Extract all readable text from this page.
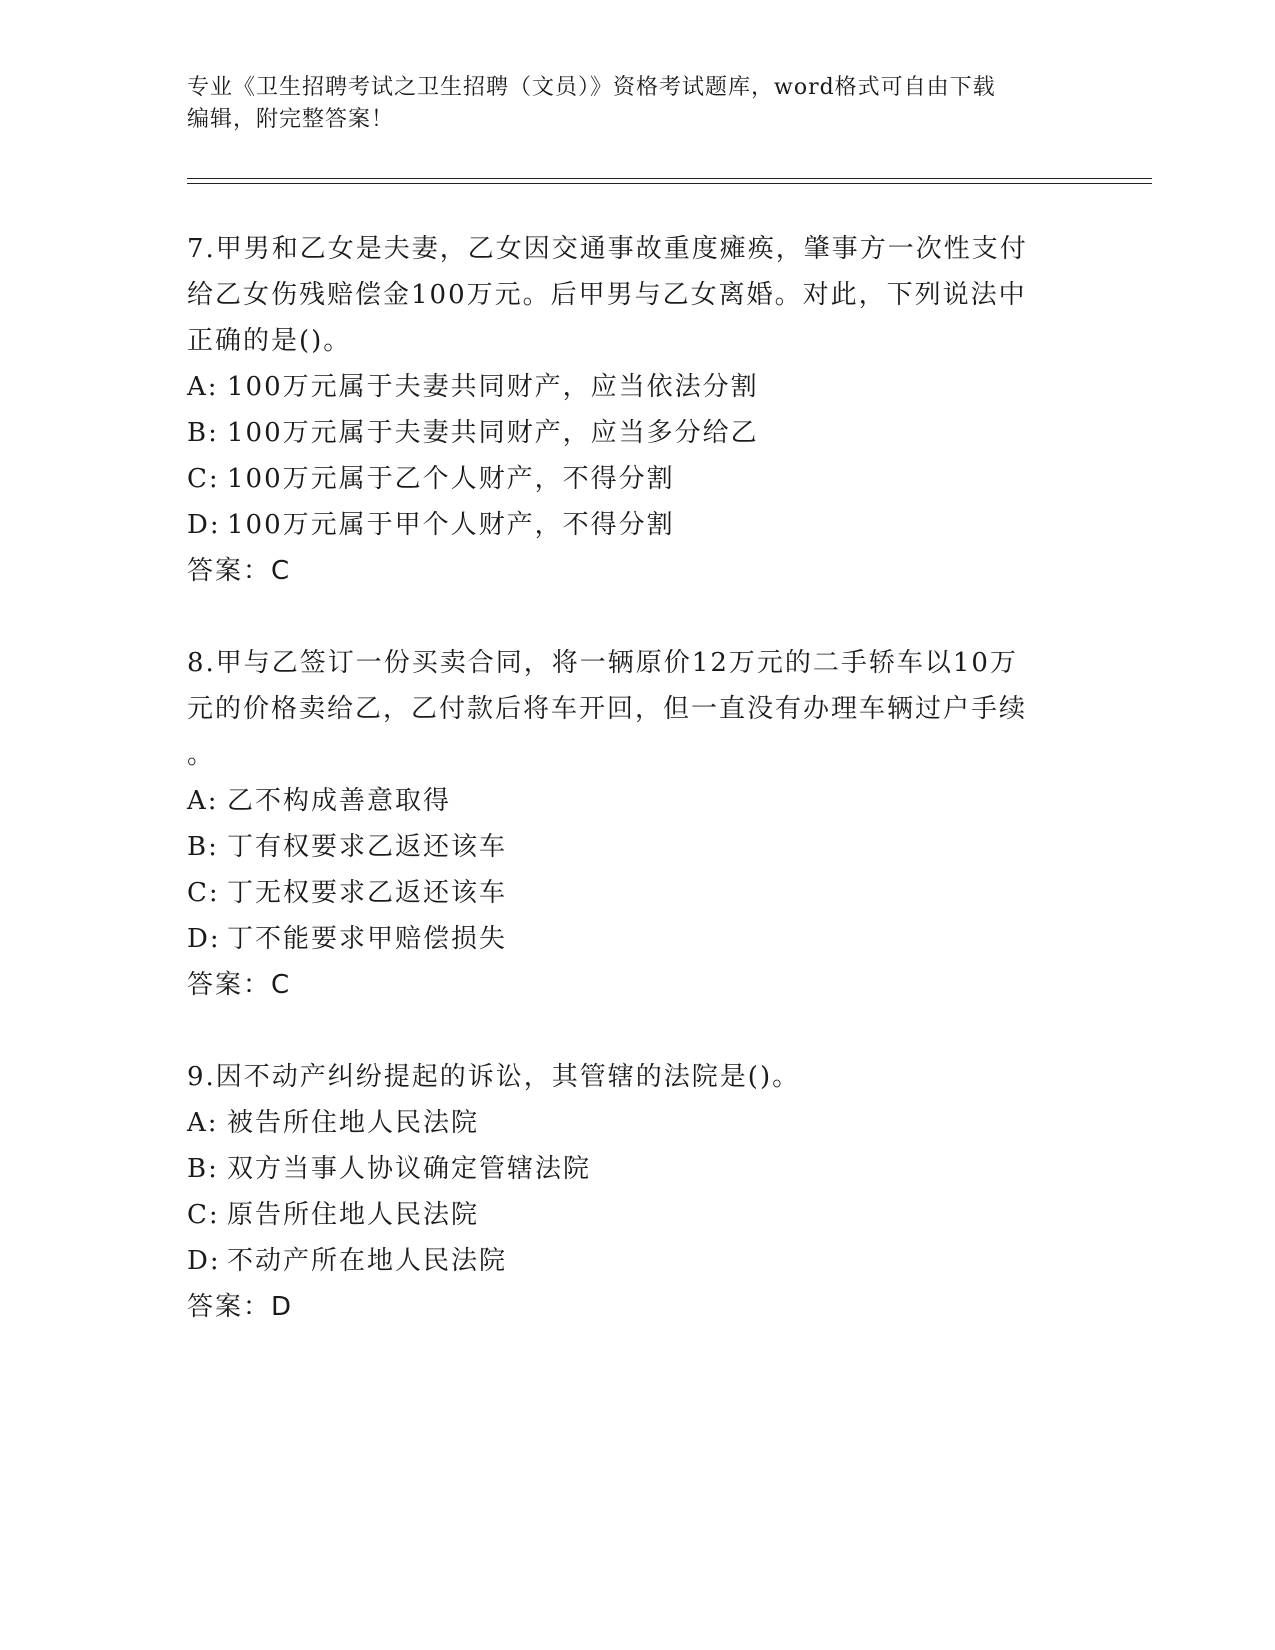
专业《卫生招聘考试之卫生招聘（文员）》资格考试题库，word格式可自由下载
编辑，附完整答案！

7.甲男和乙女是夫妻，乙女因交通事故重度瘫痪，肇事方一次性支付

给乙女伤残赔偿金100万元。后甲男与乙女离婚。对此，下列说法中

正确的是()。

A: 100万元属于夫妻共同财产，应当依法分割

B: 100万元属于夫妻共同财产，应当多分给乙

C: 100万元属于乙个人财产，不得分割

D: 100万元属于甲个人财产，不得分割

答案：C

8.甲与乙签订一份买卖合同，将一辆原价12万元的二手轿车以10万

元的价格卖给乙，乙付款后将车开回，但一直没有办理车辆过户手续

。

A: 乙不构成善意取得

B: 丁有权要求乙返还该车

C: 丁无权要求乙返还该车

D: 丁不能要求甲赔偿损失

答案：C

9.因不动产纠纷提起的诉讼，其管辖的法院是()。

A: 被告所住地人民法院

B: 双方当事人协议确定管辖法院

C: 原告所住地人民法院

D: 不动产所在地人民法院

答案：D
